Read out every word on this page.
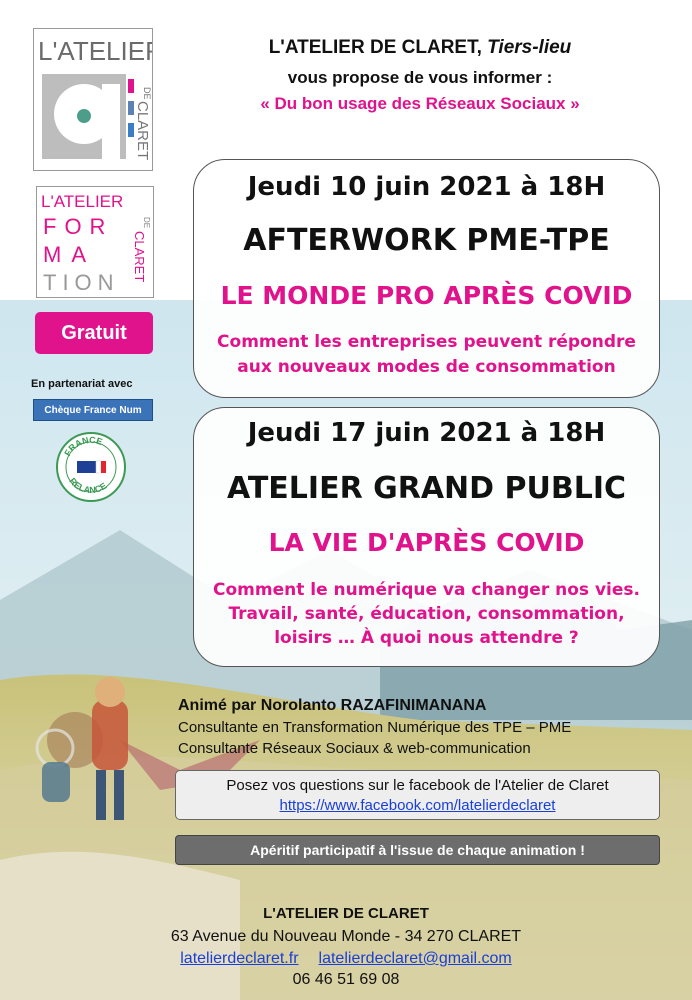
L'ATELIER
DE
CLARET
L'ATELIER
FOR
MA
TION
DE
CLARET
Gratuit
En partenariat avec
Chèque France Num
FRANCE
RELANCE
L'ATELIER DE CLARET, Tiers-lieu
vous propose de vous informer :
« Du bon usage des Réseaux Sociaux »
Jeudi 10 juin 2021 à 18H
AFTERWORK PME-TPE
LE MONDE PRO APRÈS COVID
Comment les entreprises peuvent répondre
aux nouveaux modes de consommation
Jeudi 17 juin 2021 à 18H
ATELIER GRAND PUBLIC
LA VIE D'APRÈS COVID
Comment le numérique va changer nos vies.
Travail, santé, éducation, consommation,
loisirs … À quoi nous attendre ?
Animé par Norolanto RAZAFINIMANANA
Consultante en Transformation Numérique des TPE – PME
Consultante Réseaux Sociaux & web-communication
Posez vos questions sur le facebook de l'Atelier de Claret
https://www.facebook.com/latelierdeclaret
Apéritif participatif à l'issue de chaque animation !
L'ATELIER DE CLARET
63 Avenue du Nouveau Monde - 34 270 CLARET
latelierdeclaret.fr latelierdeclaret@gmail.com
06 46 51 69 08
